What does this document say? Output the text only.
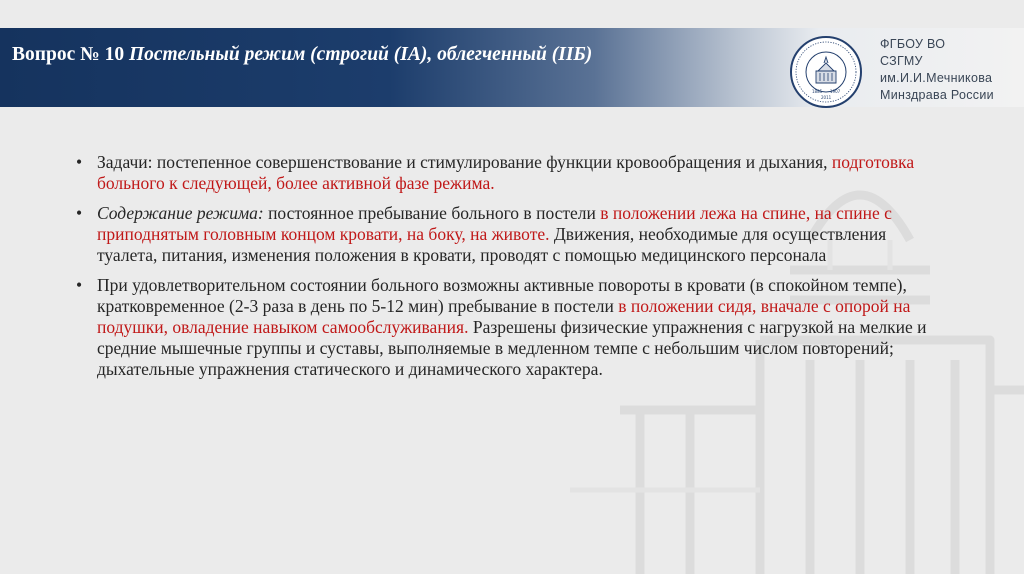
Вопрос № 10 Постельный режим (строгий (IA), облегченный (IIБ)
1885 1907
2011
ФГБОУ ВО
СЗГМУ
им.И.И.Мечникова
Минздрава России
• Задачи: постепенное совершенствование и стимулирование функции кровообращения и дыхания, подготовка больного к следующей, более активной фазе режима.
• Содержание режима: постоянное пребывание больного в постели в положении лежа на спине, на спине с приподнятым головным концом кровати, на боку, на животе. Движения, необходимые для осуществления туалета, питания, изменения положения в кровати, проводят с помощью медицинского персонала
• При удовлетворительном состоянии больного возможны активные повороты в кровати (в спокойном темпе), кратковременное (2-3 раза в день по 5-12 мин) пребывание в постели в положении сидя, вначале с опорой на подушки, овладение навыком самообслуживания. Разрешены физические упражнения с нагрузкой на мелкие и средние мышечные группы и суставы, выполняемые в медленном темпе с небольшим числом повторений; дыхательные упражнения статического и динамического характера.
